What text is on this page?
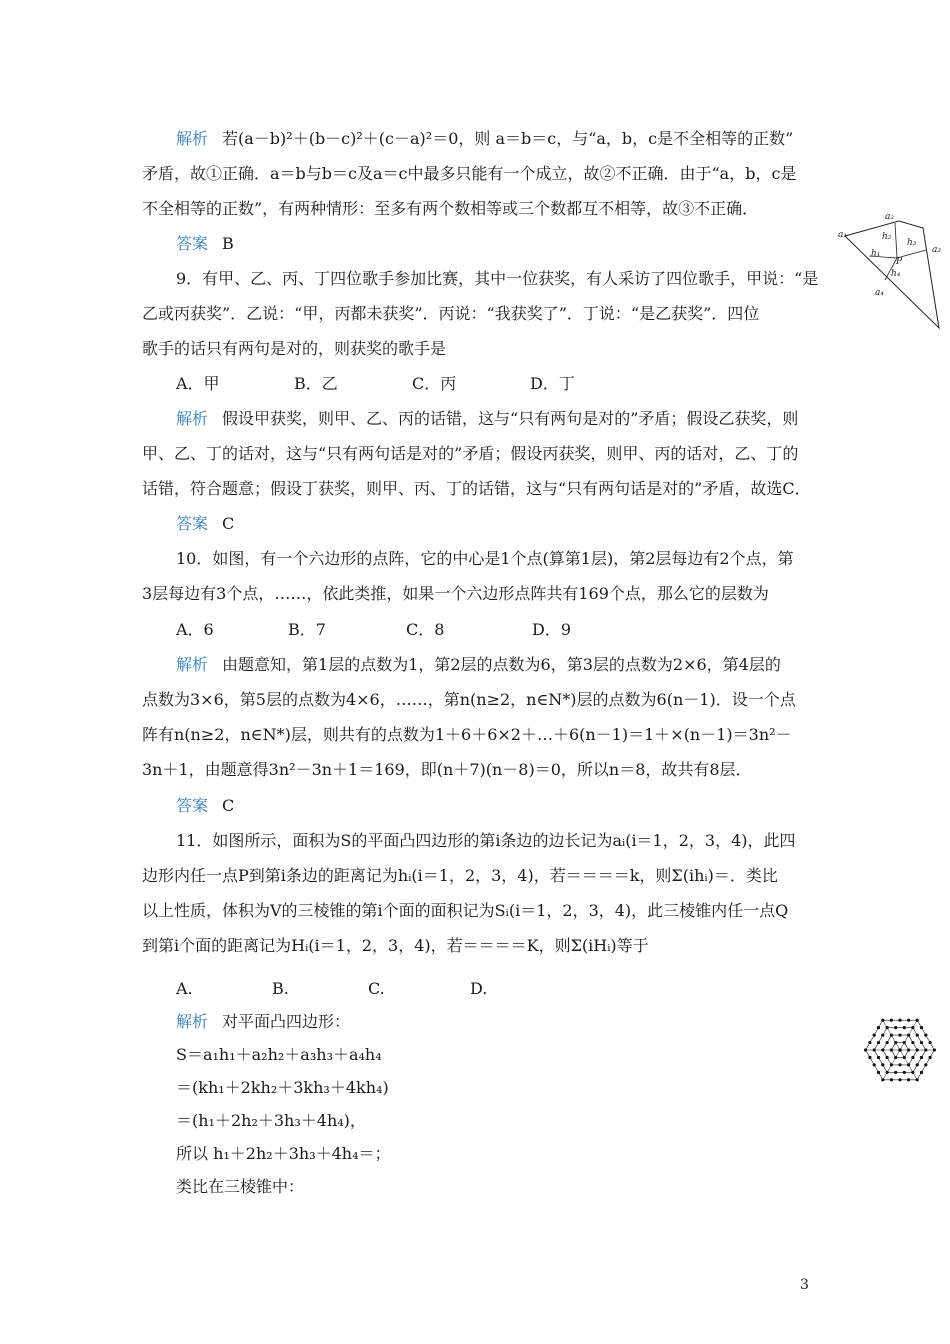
解析 若(a－b)²＋(b－c)²＋(c－a)²＝0，则 a＝b＝c，与“a，b，c是不全相等的正数”
矛盾，故①正确．a＝b与b＝c及a＝c中最多只能有一个成立，故②不正确．由于“a，b，c是
不全相等的正数”，有两种情形：至多有两个数相等或三个数都互不相等，故③不正确．
答案 B
9．有甲、乙、丙、丁四位歌手参加比赛，其中一位获奖，有人采访了四位歌手，甲说：“是
乙或丙获奖”．乙说：“甲，丙都未获奖”．丙说：“我获奖了”．丁说：“是乙获奖”．四位
歌手的话只有两句是对的，则获奖的歌手是
A．甲	B．乙	C．丙	D．丁
解析 假设甲获奖，则甲、乙、丙的话错，这与“只有两句是对的”矛盾；假设乙获奖，则
甲、乙、丁的话对，这与“只有两句话是对的”矛盾；假设丙获奖，则甲、丙的话对，乙、丁的
话错，符合题意；假设丁获奖，则甲、丙、丁的话错，这与“只有两句话是对的”矛盾，故选C．
答案 C
10．如图，有一个六边形的点阵，它的中心是1个点(算第1层)，第2层每边有2个点，第
3层每边有3个点，……，依此类推，如果一个六边形点阵共有169个点，那么它的层数为
A．6	B．7	C．8	D．9
解析 由题意知，第1层的点数为1，第2层的点数为6，第3层的点数为2×6，第4层的
点数为3×6，第5层的点数为4×6，……，第n(n≥2，n∈N*)层的点数为6(n－1)．设一个点
阵有n(n≥2，n∈N*)层，则共有的点数为1＋6＋6×2＋…＋6(n－1)＝1＋×(n－1)＝3n²－
3n＋1，由题意得3n²－3n＋1＝169，即(n＋7)(n－8)＝0，所以n＝8，故共有8层．
答案 C
11．如图所示，面积为S的平面凸四边形的第i条边的边长记为aᵢ(i＝1，2，3，4)，此四
边形内任一点P到第i条边的距离记为hᵢ(i＝1，2，3，4)，若＝＝＝＝k，则Σ(ihᵢ)＝．类比
以上性质，体积为V的三棱锥的第i个面的面积记为Sᵢ(i＝1，2，3，4)，此三棱锥内任一点Q
到第i个面的距离记为Hᵢ(i＝1，2，3，4)，若＝＝＝＝K，则Σ(iHᵢ)等于
A.	B.	C.	D.
解析 对平面凸四边形：
S＝a₁h₁＋a₂h₂＋a₃h₃＋a₄h₄
＝(kh₁＋2kh₂＋3kh₃＋4kh₄)
＝(h₁＋2h₂＋3h₃＋4h₄)，
所以 h₁＋2h₂＋3h₃＋4h₄＝；
类比在三棱锥中：
a₁
a₂
a₃
a₄
h₁
h₂
h₃
h₄
P
3
